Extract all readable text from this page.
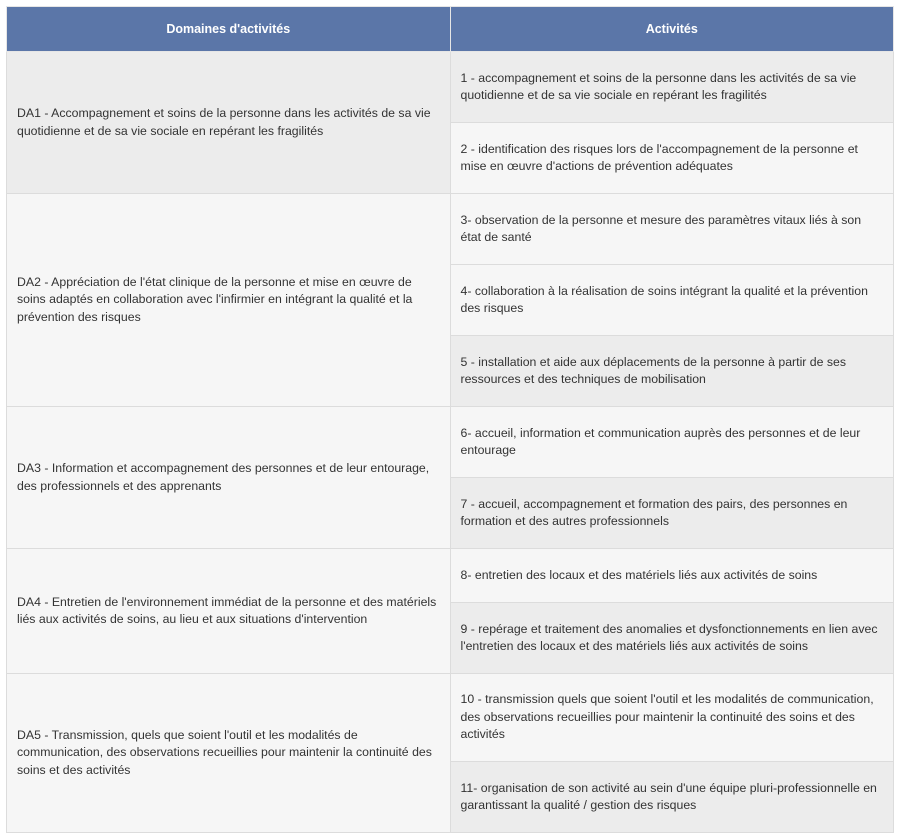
Domaines d'activités	Activités
DA1 - Accompagnement et soins de la personne dans les activités de sa vie quotidienne et de sa vie sociale en repérant les fragilités	1 - accompagnement et soins de la personne dans les activités de sa vie quotidienne et de sa vie sociale en repérant les fragilités
	2 - identification des risques lors de l'accompagnement de la personne et mise en œuvre d'actions de prévention adéquates
DA2 - Appréciation de l'état clinique de la personne et mise en œuvre de soins adaptés en collaboration avec l'infirmier en intégrant la qualité et la prévention des risques	3- observation de la personne et mesure des paramètres vitaux liés à son état de santé
	4- collaboration à la réalisation de soins intégrant la qualité et la prévention des risques
	5 - installation et aide aux déplacements de la personne à partir de ses ressources et des techniques de mobilisation
DA3 - Information et accompagnement des personnes et de leur entourage, des professionnels et des apprenants	6- accueil, information et communication auprès des personnes et de leur entourage
	7 - accueil, accompagnement et formation des pairs, des personnes en formation et des autres professionnels
DA4 - Entretien de l'environnement immédiat de la personne et des matériels liés aux activités de soins, au lieu et aux situations d'intervention	8- entretien des locaux et des matériels liés aux activités de soins
	9 - repérage et traitement des anomalies et dysfonctionnements en lien avec l'entretien des locaux et des matériels liés aux activités de soins
DA5 - Transmission, quels que soient l'outil et les modalités de communication, des observations recueillies pour maintenir la continuité des soins et des activités	10 - transmission quels que soient l'outil et les modalités de communication, des observations recueillies pour maintenir la continuité des soins et des activités
	11- organisation de son activité au sein d'une équipe pluri-professionnelle en garantissant la qualité / gestion des risques
